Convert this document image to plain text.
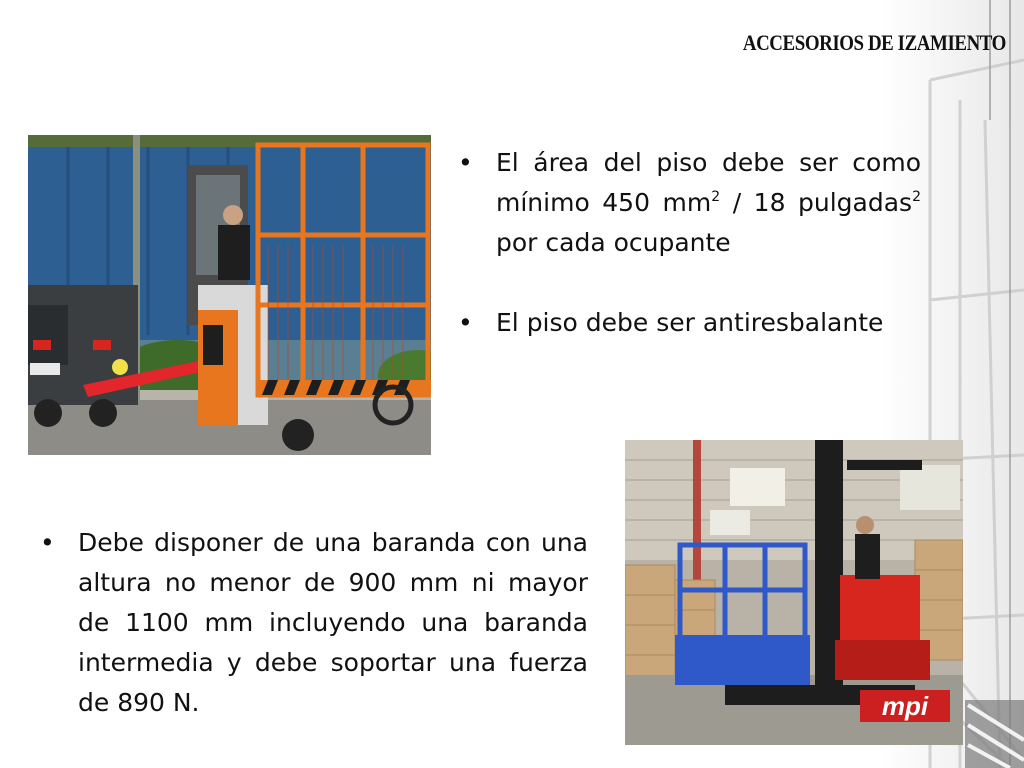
ACCESORIOS DE IZAMIENTO
• El área del piso debe ser como mínimo 450 $mm^2 / 18$ pulgadas$^2$ por cada ocupante
• El piso debe ser antiresbalante
• Debe disponer de una baranda con una altura no menor de 900 mm ni mayor de 1100 mm incluyendo una baranda intermedia y debe soportar una fuerza de 890 N.	mpi
